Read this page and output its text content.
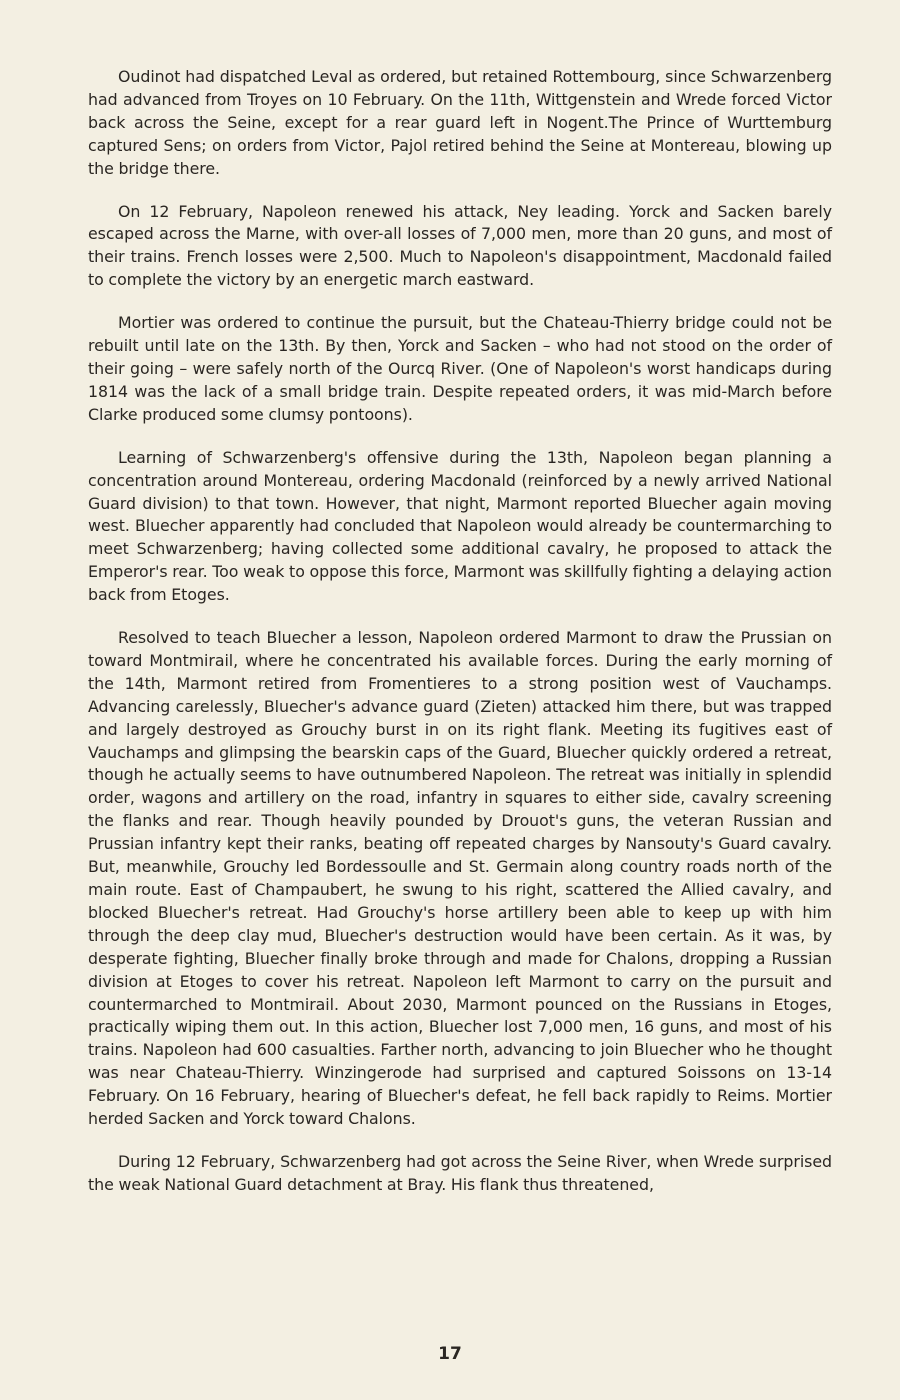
Oudinot had dispatched Leval as ordered, but retained Rottembourg, since Schwarzenberg had advanced from Troyes on 10 February. On the 11th, Wittgenstein and Wrede forced Victor back across the Seine, except for a rear guard left in Nogent.The Prince of Wurttemburg captured Sens; on orders from Victor, Pajol retired behind the Seine at Montereau, blowing up the bridge there.

On 12 February, Napoleon renewed his attack, Ney leading. Yorck and Sacken barely escaped across the Marne, with over-all losses of 7,000 men, more than 20 guns, and most of their trains. French losses were 2,500. Much to Napoleon's disappointment, Macdonald failed to complete the victory by an energetic march eastward.

Mortier was ordered to continue the pursuit, but the Chateau-Thierry bridge could not be rebuilt until late on the 13th. By then, Yorck and Sacken – who had not stood on the order of their going – were safely north of the Ourcq River. (One of Napoleon's worst handicaps during 1814 was the lack of a small bridge train. Despite repeated orders, it was mid-March before Clarke produced some clumsy pontoons).

Learning of Schwarzenberg's offensive during the 13th, Napoleon began planning a concentration around Montereau, ordering Macdonald (reinforced by a newly arrived National Guard division) to that town. However, that night, Marmont reported Bluecher again moving west. Bluecher apparently had concluded that Napoleon would already be countermarching to meet Schwarzenberg; having collected some additional cavalry, he proposed to attack the Emperor's rear. Too weak to oppose this force, Marmont was skillfully fighting a delaying action back from Etoges.

Resolved to teach Bluecher a lesson, Napoleon ordered Marmont to draw the Prussian on toward Montmirail, where he concentrated his available forces. During the early morning of the 14th, Marmont retired from Fromentieres to a strong position west of Vauchamps. Advancing carelessly, Bluecher's advance guard (Zieten) attacked him there, but was trapped and largely destroyed as Grouchy burst in on its right flank. Meeting its fugitives east of Vauchamps and glimpsing the bearskin caps of the Guard, Bluecher quickly ordered a retreat, though he actually seems to have outnumbered Napoleon. The retreat was initially in splendid order, wagons and artillery on the road, infantry in squares to either side, cavalry screening the flanks and rear. Though heavily pounded by Drouot's guns, the veteran Russian and Prussian infantry kept their ranks, beating off repeated charges by Nansouty's Guard cavalry. But, meanwhile, Grouchy led Bordessoulle and St. Germain along country roads north of the main route. East of Champaubert, he swung to his right, scattered the Allied cavalry, and blocked Bluecher's retreat. Had Grouchy's horse artillery been able to keep up with him through the deep clay mud, Bluecher's destruction would have been certain. As it was, by desperate fighting, Bluecher finally broke through and made for Chalons, dropping a Russian division at Etoges to cover his retreat. Napoleon left Marmont to carry on the pursuit and countermarched to Montmirail. About 2030, Marmont pounced on the Russians in Etoges, practically wiping them out. In this action, Bluecher lost 7,000 men, 16 guns, and most of his trains. Napoleon had 600 casualties. Farther north, advancing to join Bluecher who he thought was near Chateau-Thierry. Winzingerode had surprised and captured Soissons on 13-14 February. On 16 February, hearing of Bluecher's defeat, he fell back rapidly to Reims. Mortier herded Sacken and Yorck toward Chalons.

During 12 February, Schwarzenberg had got across the Seine River, when Wrede surprised the weak National Guard detachment at Bray. His flank thus threatened,

17
